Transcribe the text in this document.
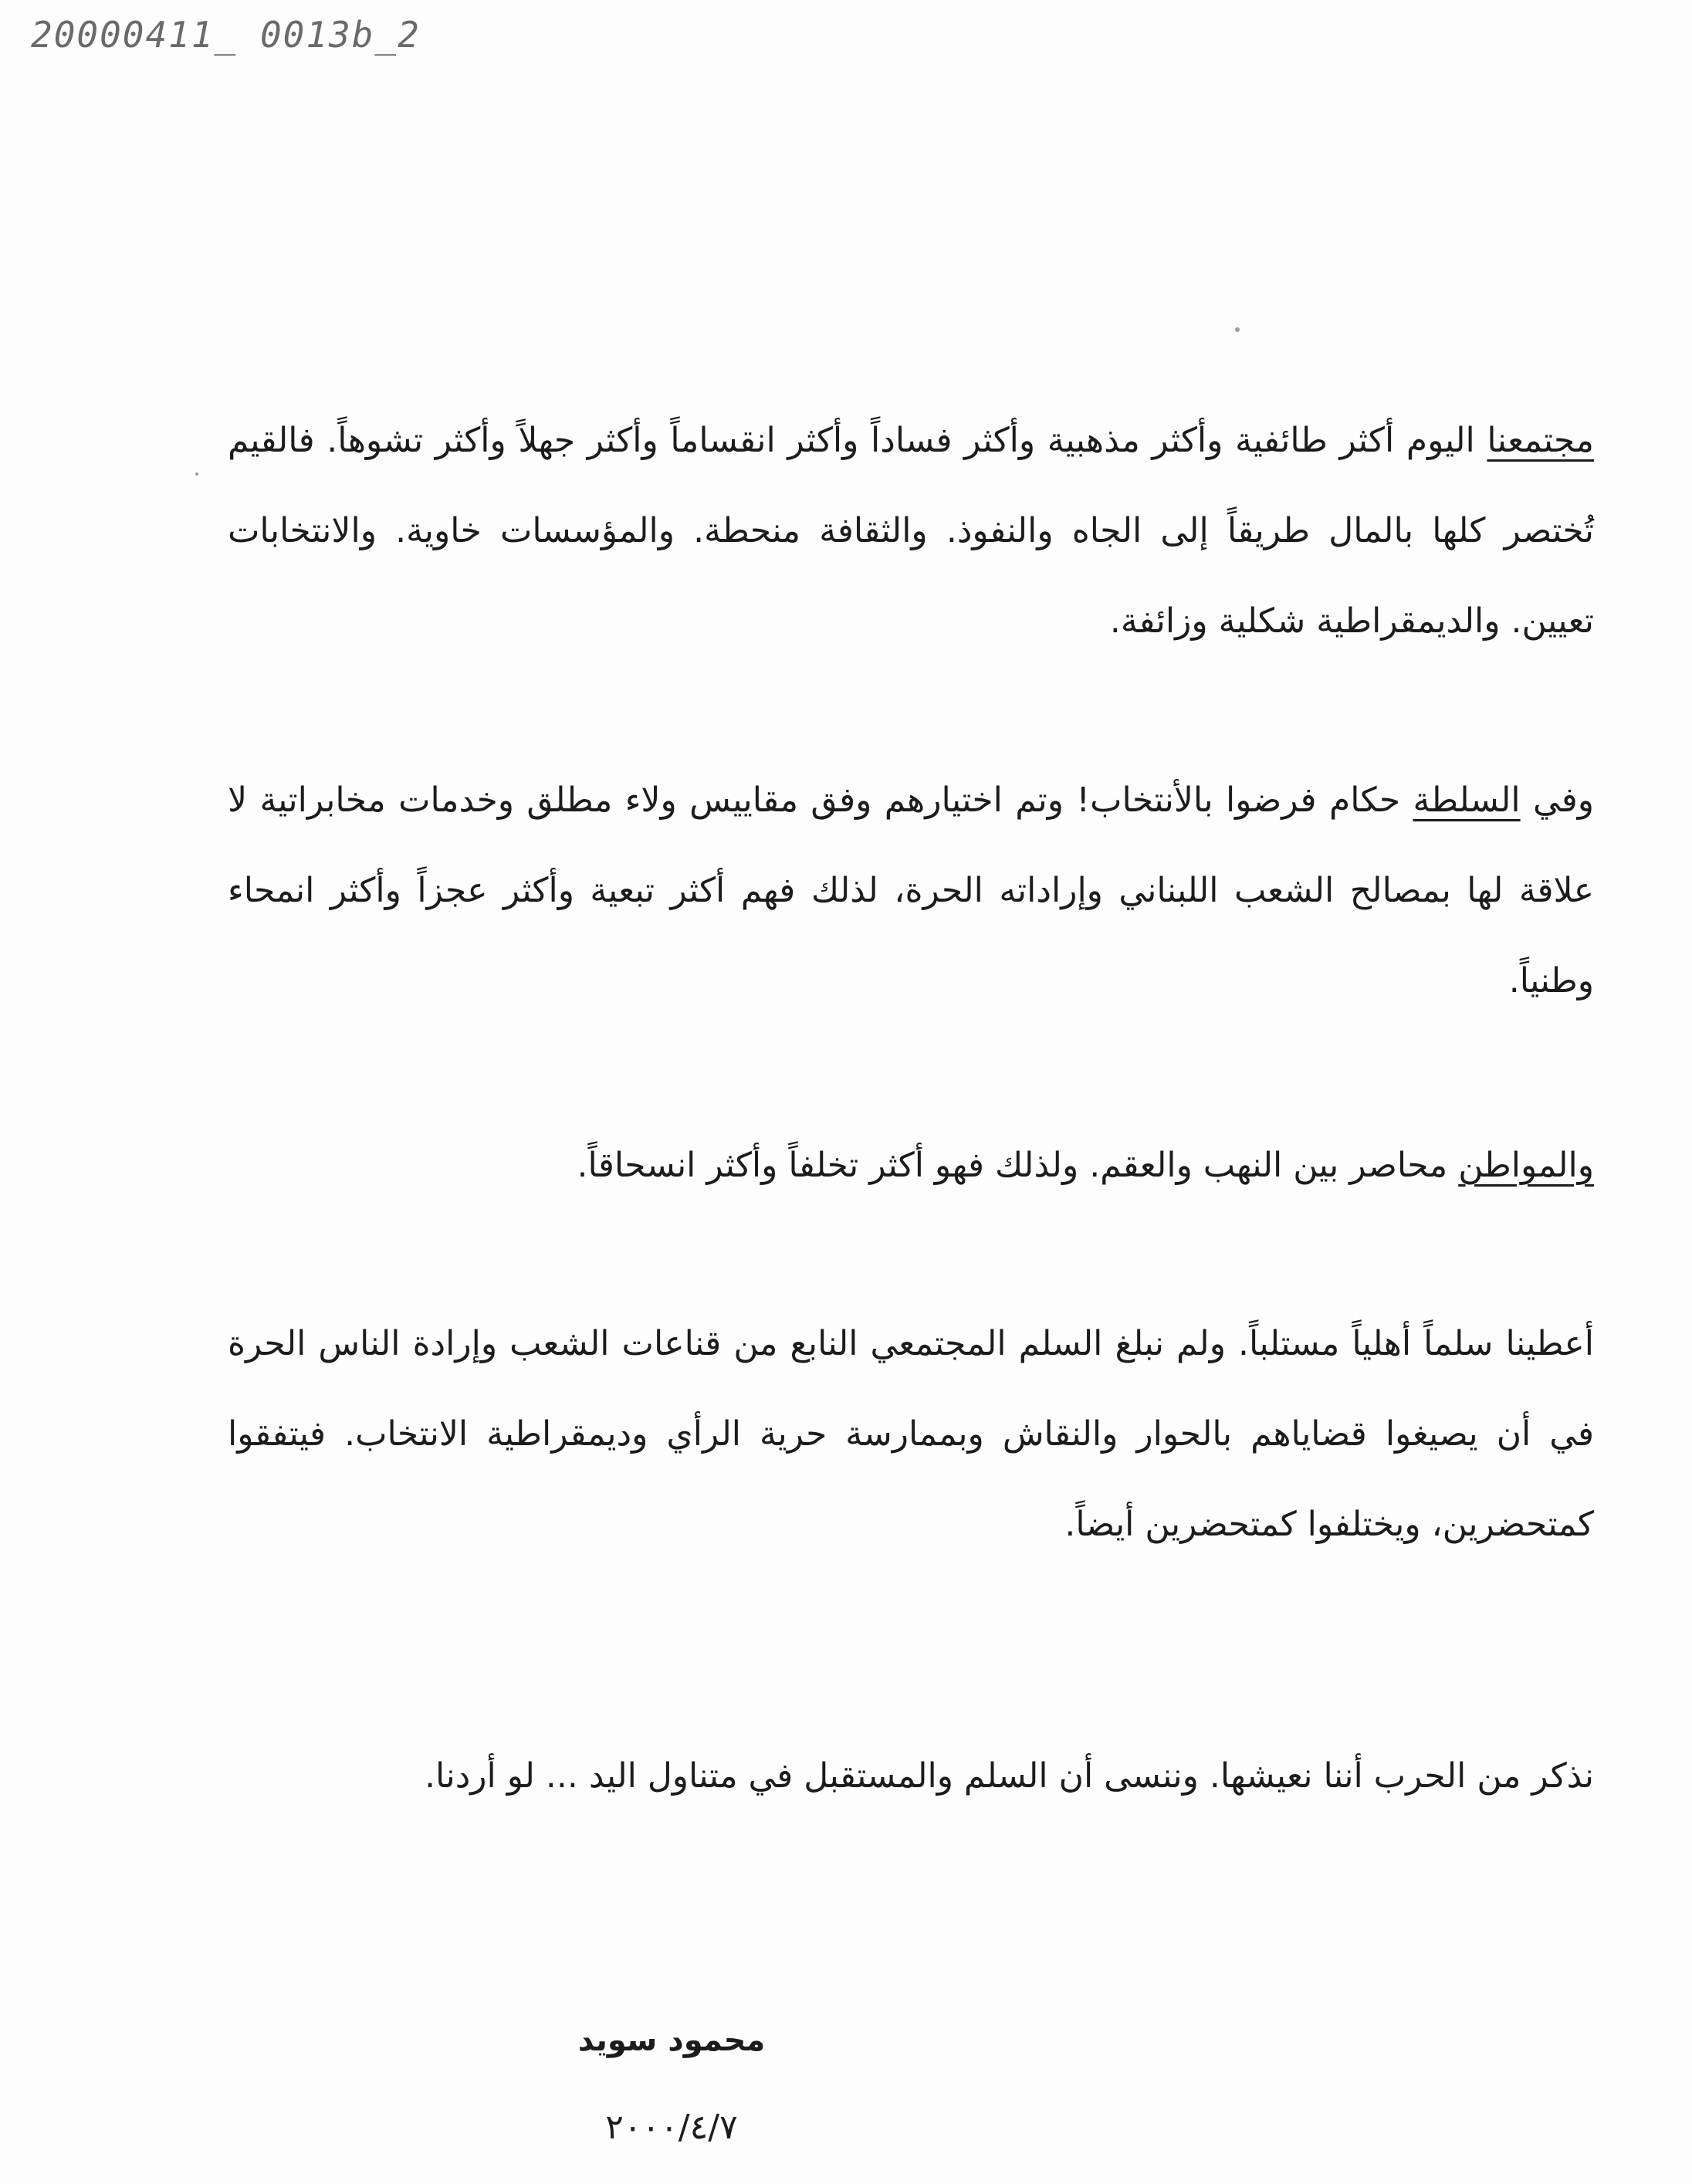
20000411_ 0013b_2

مجتمعنا اليوم أكثر طائفية وأكثر مذهبية وأكثر فساداً وأكثر انقساماً وأكثر جهلاً وأكثر تشوهاً. فالقيم تُختصر كلها بالمال طريقاً إلى الجاه والنفوذ. والثقافة منحطة. والمؤسسات خاوية. والانتخابات تعيين. والديمقراطية شكلية وزائفة.

وفي السلطة حكام فرضوا بالأنتخاب! وتم اختيارهم وفق مقاييس ولاء مطلق وخدمات مخابراتية لا علاقة لها بمصالح الشعب اللبناني وإراداته الحرة، لذلك فهم أكثر تبعية وأكثر عجزاً وأكثر انمحاء وطنياً.

والمواطن محاصر بين النهب والعقم. ولذلك فهو أكثر تخلفاً وأكثر انسحاقاً.

أعطينا سلماً أهلياً مستلباً. ولم نبلغ السلم المجتمعي النابع من قناعات الشعب وإرادة الناس الحرة في أن يصيغوا قضاياهم بالحوار والنقاش وبممارسة حرية الرأي وديمقراطية الانتخاب. فيتفقوا كمتحضرين، ويختلفوا كمتحضرين أيضاً.

نذكر من الحرب أننا نعيشها. وننسى أن السلم والمستقبل في متناول اليد ... لو أردنا.

محمود سويد
٢٠٠٠/٤/٧
